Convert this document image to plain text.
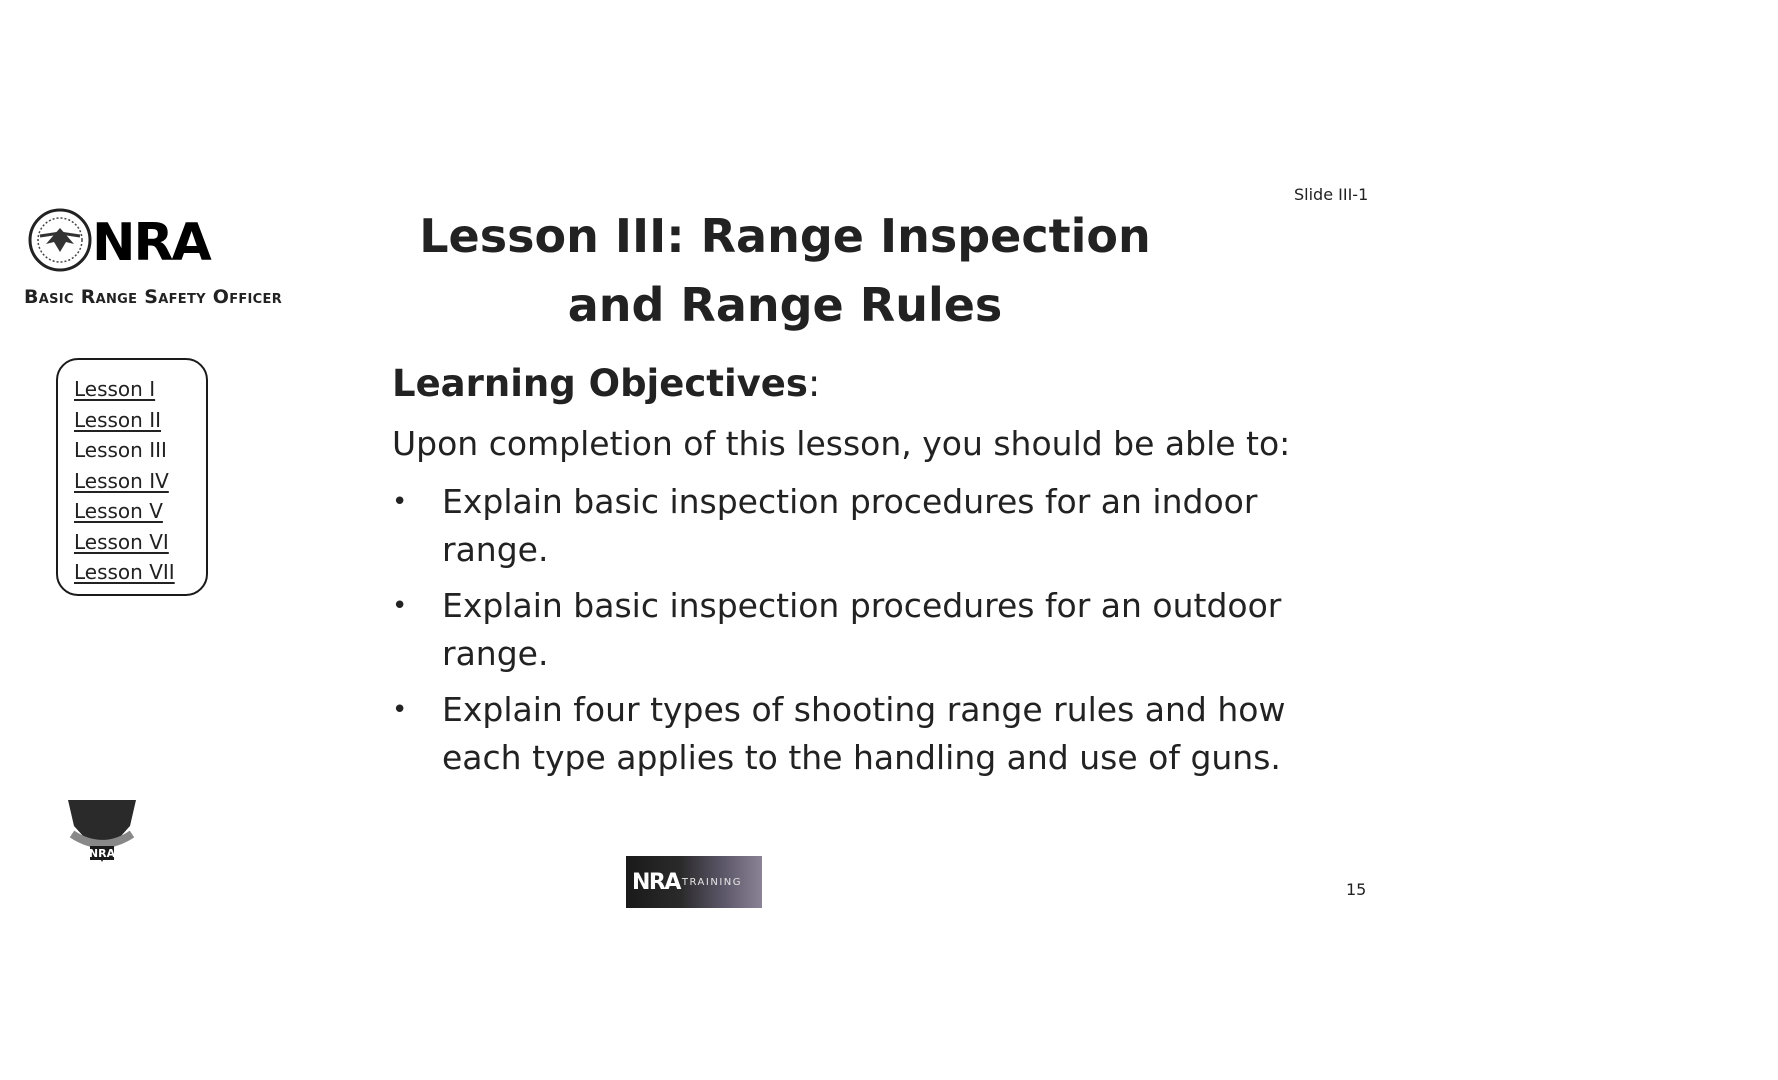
NRA
Basic Range Safety Officer
Lesson I
Lesson II
Lesson III
Lesson IV
Lesson V
Lesson VI
Lesson VII
Slide III-1
Lesson III: Range Inspection
and Range Rules
Learning Objectives:
Upon completion of this lesson, you should be able to:
• Explain basic inspection procedures for an indoor range.
• Explain basic inspection procedures for an outdoor range.
• Explain four types of shooting range rules and how each type applies to the handling and use of guns.
NRA
NRA TRAINING	15
